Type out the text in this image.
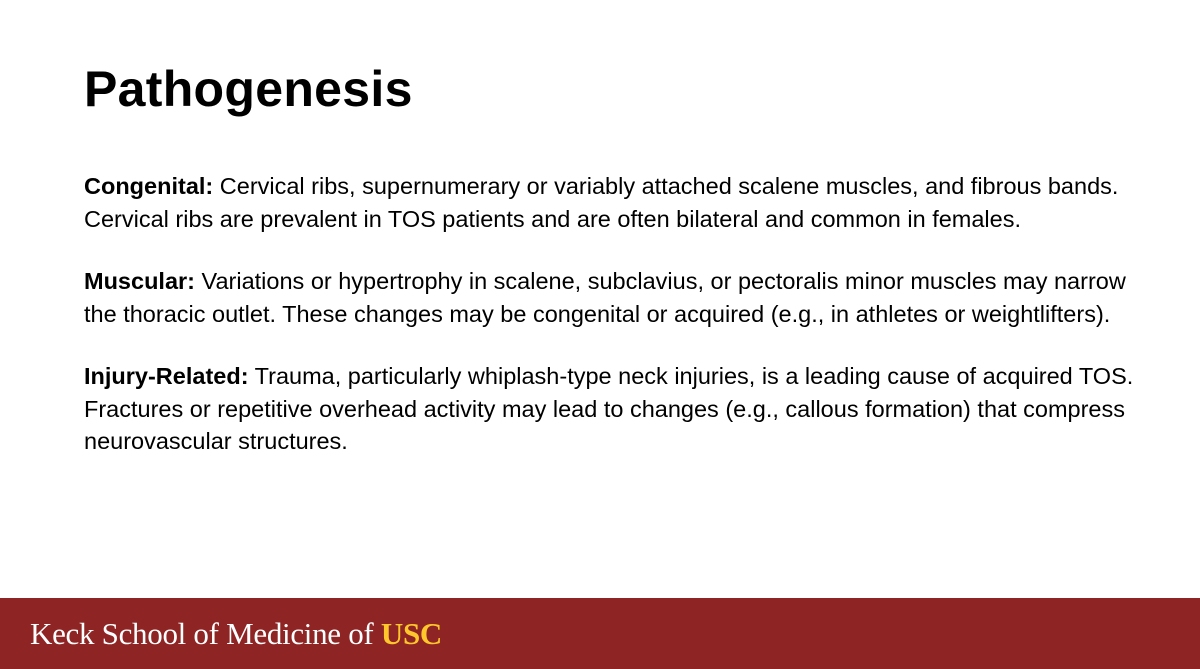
Pathogenesis

Congenital: Cervical ribs, supernumerary or variably attached scalene muscles, and fibrous bands. Cervical ribs are prevalent in TOS patients and are often bilateral and common in females.

Muscular: Variations or hypertrophy in scalene, subclavius, or pectoralis minor muscles may narrow the thoracic outlet. These changes may be congenital or acquired (e.g., in athletes or weightlifters).

Injury-Related: Trauma, particularly whiplash-type neck injuries, is a leading cause of acquired TOS. Fractures or repetitive overhead activity may lead to changes (e.g., callous formation) that compress neurovascular structures.

Keck School of Medicine of USC
